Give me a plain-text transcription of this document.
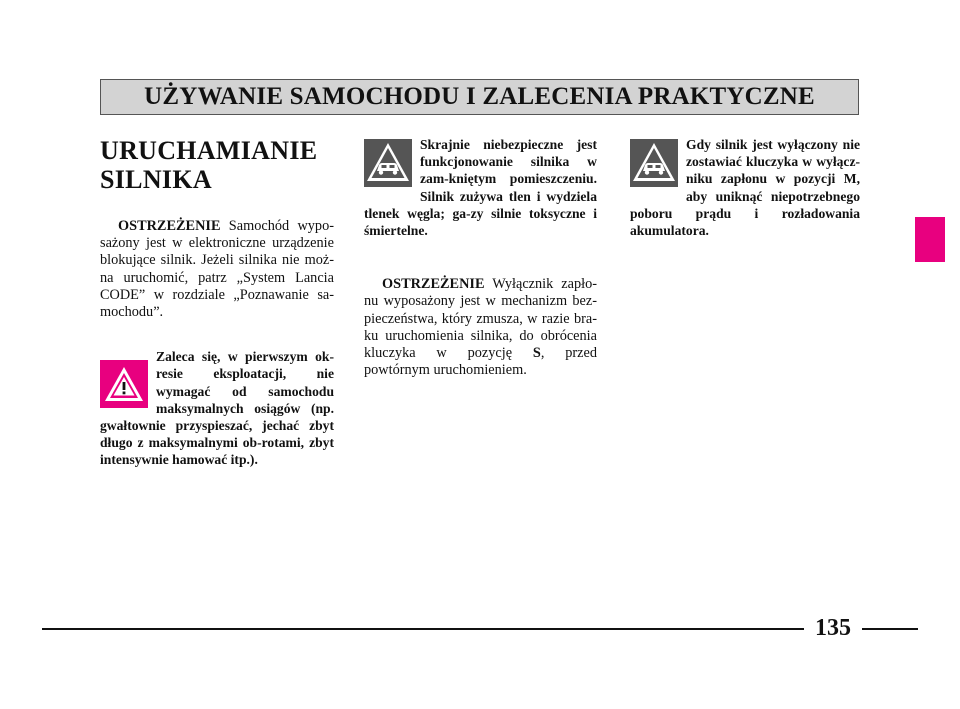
UŻYWANIE SAMOCHODU I ZALECENIA PRAKTYCZNE
URUCHAMIANIE
SILNIKA

OSTRZEŻENIE Samochód wypo-sażony jest w elektroniczne urządzenie blokujące silnik. Jeżeli silnika nie moż-na uruchomić, patrz „System Lancia CODE” w rozdziale „Poznawanie sa-mochodu”.

Zaleca się, w pierwszym ok-resie eksploatacji, nie wymagać od samochodu maksymalnych osiągów (np. gwałtownie przyspieszać, jechać zbyt długo z maksymalnymi ob-rotami, zbyt intensywnie hamować itp.).

Skrajnie niebezpieczne jest funkcjonowanie silnika w zam-kniętym pomieszczeniu. Silnik zużywa tlen i wydziela tlenek węgla; ga-zy silnie toksyczne i śmiertelne.

OSTRZEŻENIE Wyłącznik zapło-nu wyposażony jest w mechanizm bez-pieczeństwa, który zmusza, w razie bra-ku uruchomienia silnika, do obrócenia kluczyka w pozycję S, przed powtórnym uruchomieniem.

Gdy silnik jest wyłączony nie zostawiać kluczyka w wyłącz-niku zapłonu w pozycji M, aby uniknąć niepotrzebnego poboru prądu i rozładowania akumulatora.

135
